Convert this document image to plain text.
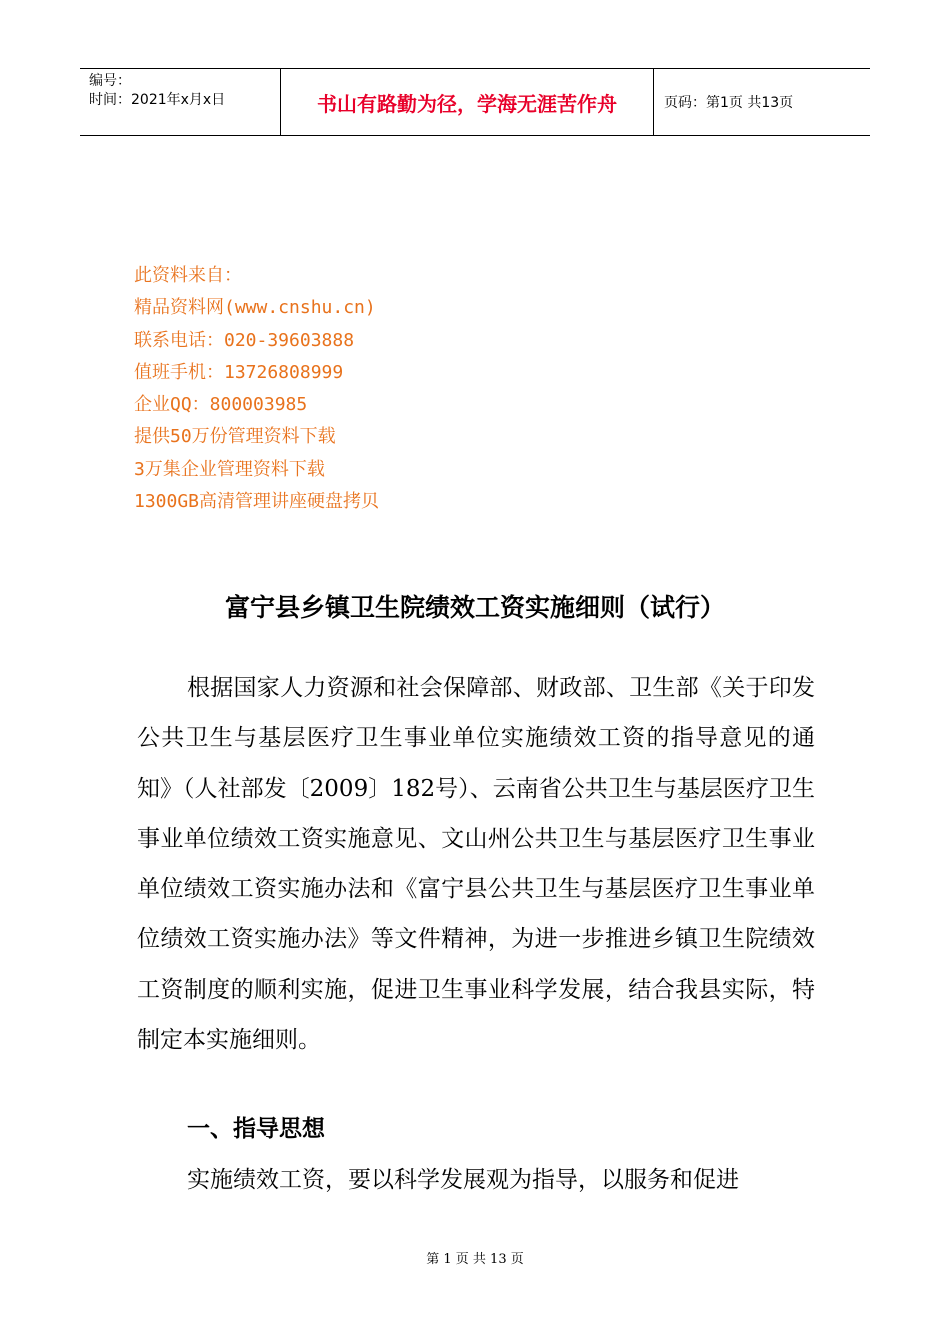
编号：
时间：2021年x月x日	书山有路勤为径，学海无涯苦作舟	页码：第1页 共13页
此资料来自：
精品资料网(www.cnshu.cn)
联系电话：020-39603888
值班手机：13726808999
企业QQ：800003985
提供50万份管理资料下载
3万集企业管理资料下载
1300GB高清管理讲座硬盘拷贝
富宁县乡镇卫生院绩效工资实施细则（试行）

根据国家人力资源和社会保障部、财政部、卫生部《关于印发公共卫生与基层医疗卫生事业单位实施绩效工资的指导意见的通知》（人社部发〔2009〕182号）、云南省公共卫生与基层医疗卫生事业单位绩效工资实施意见、文山州公共卫生与基层医疗卫生事业单位绩效工资实施办法和《富宁县公共卫生与基层医疗卫生事业单位绩效工资实施办法》等文件精神，为进一步推进乡镇卫生院绩效工资制度的顺利实施，促进卫生事业科学发展，结合我县实际，特制定本实施细则。

一、指导思想
实施绩效工资，要以科学发展观为指导，以服务和促进
第 1 页 共 13 页
